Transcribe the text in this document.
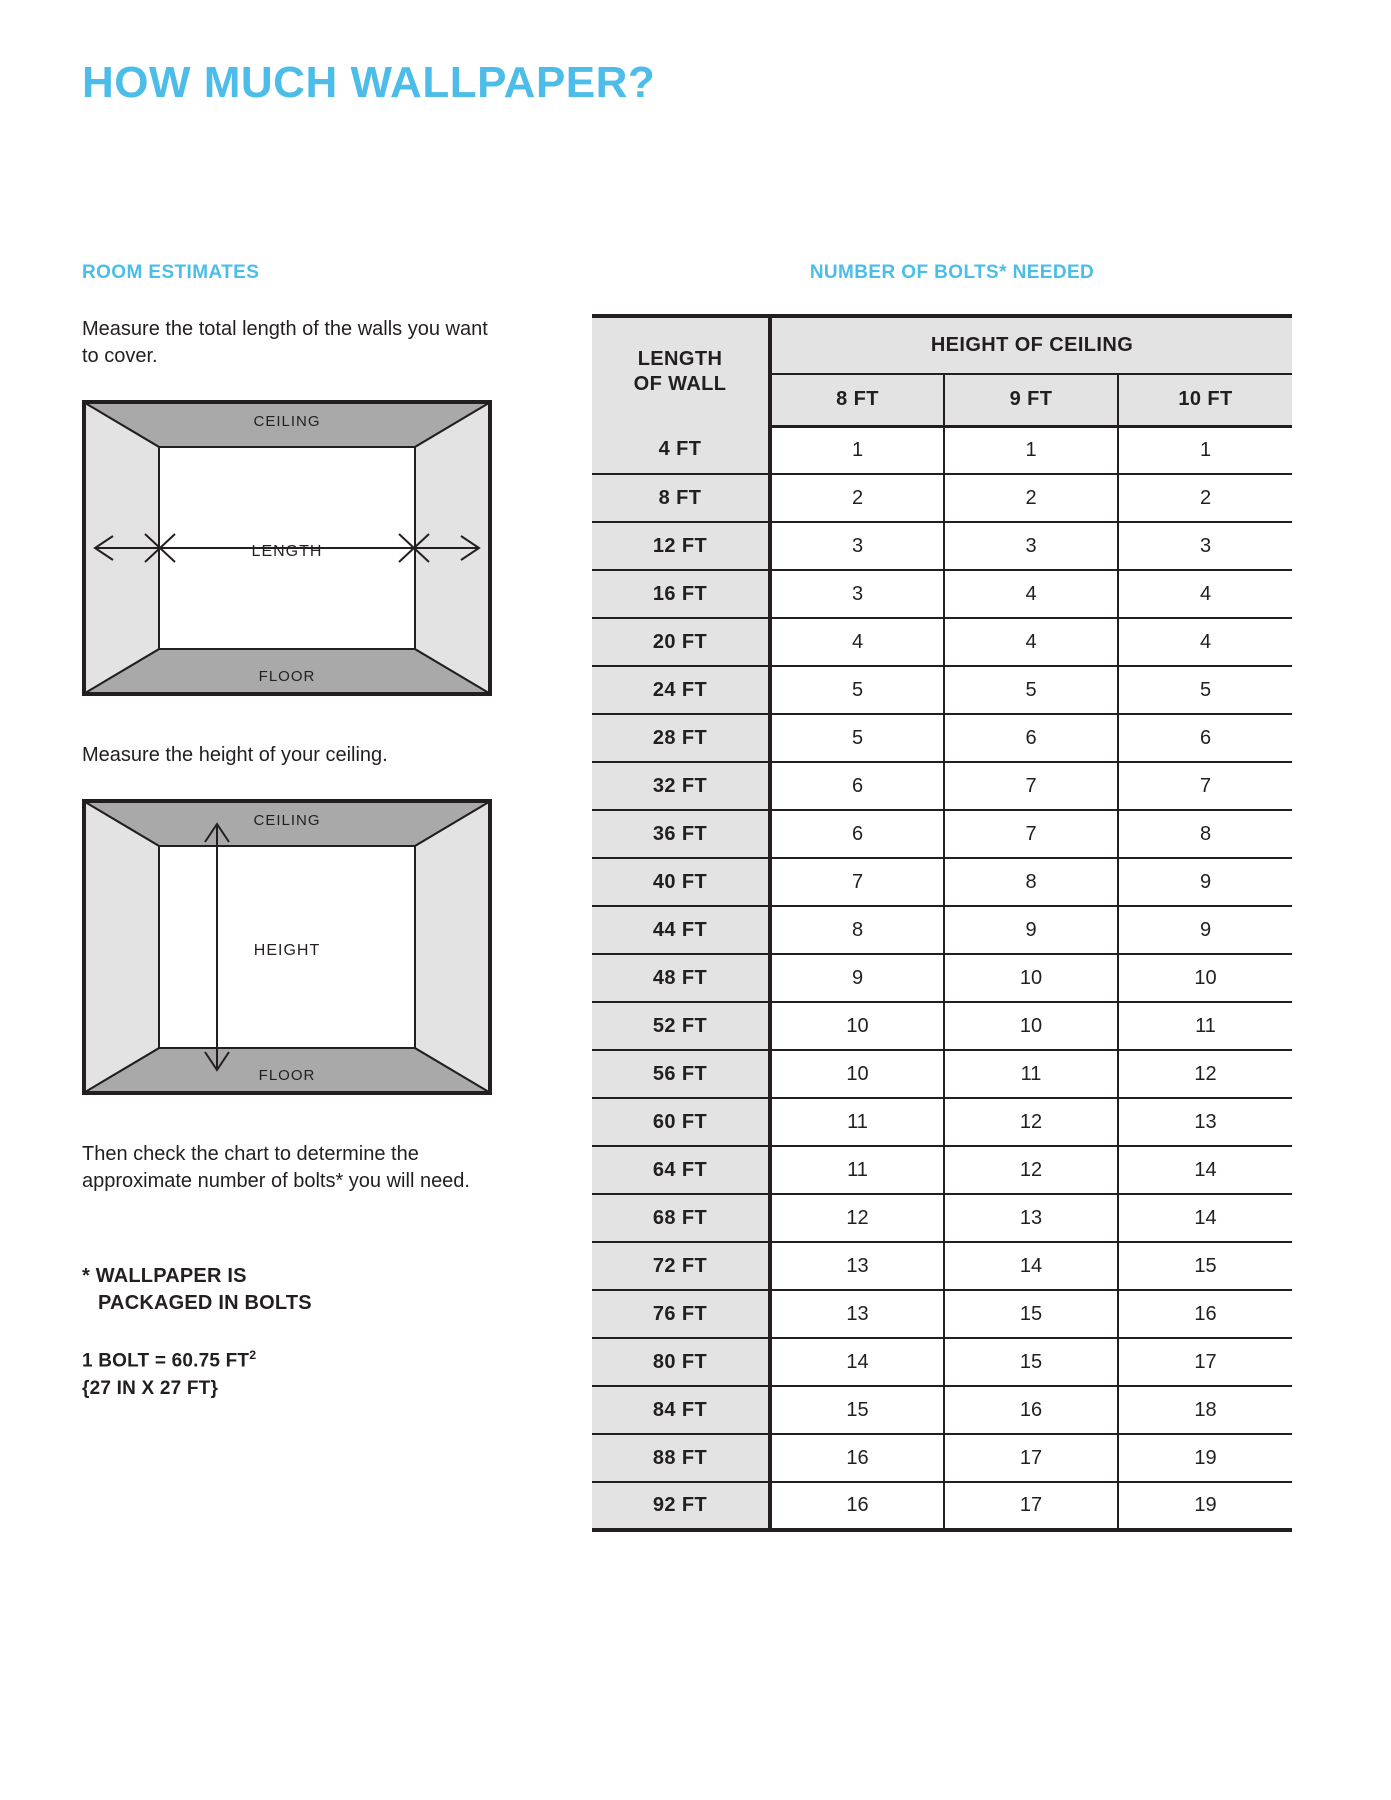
HOW MUCH WALLPAPER?
ROOM ESTIMATES

Measure the total length of the walls you want to cover.

CEILING
FLOOR
LENGTH

Measure the height of your ceiling.

CEILING
FLOOR
HEIGHT

Then check the chart to determine the approximate number of bolts* you will need.

* WALLPAPER IS
PACKAGED IN BOLTS
1 BOLT = 60.75 $FT^2$
{27 IN X 27 FT}
NUMBER OF BOLTS* NEEDED
LENGTH
OF WALL	HEIGHT OF CEILING		
	8 FT	9 FT	10 FT
4 FT	1	1	1
8 FT	2	2	2
12 FT	3	3	3
16 FT	3	4	4
20 FT	4	4	4
24 FT	5	5	5
28 FT	5	6	6
32 FT	6	7	7
36 FT	6	7	8
40 FT	7	8	9
44 FT	8	9	9
48 FT	9	10	10
52 FT	10	10	11
56 FT	10	11	12
60 FT	11	12	13
64 FT	11	12	14
68 FT	12	13	14
72 FT	13	14	15
76 FT	13	15	16
80 FT	14	15	17
84 FT	15	16	18
88 FT	16	17	19
92 FT	16	17	19
